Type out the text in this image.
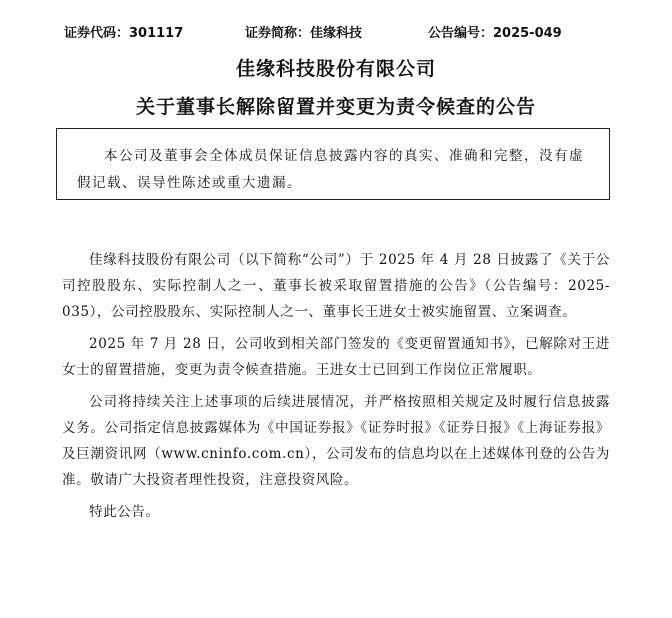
证券代码：301117	证券简称：佳缘科技	公告编号：2025-049
佳缘科技股份有限公司
关于董事长解除留置并变更为责令候查的公告
本公司及董事会全体成员保证信息披露内容的真实、准确和完整，没有虚假记载、误导性陈述或重大遗漏。

佳缘科技股份有限公司（以下简称“公司”）于 2025 年 4 月 28 日披露了《关于公司控股股东、实际控制人之一、董事长被采取留置措施的公告》（公告编号：2025-035），公司控股股东、实际控制人之一、董事长王进女士被实施留置、立案调查。

2025 年 7 月 28 日，公司收到相关部门签发的《变更留置通知书》，已解除对王进女士的留置措施，变更为责令候查措施。王进女士已回到工作岗位正常履职。

公司将持续关注上述事项的后续进展情况，并严格按照相关规定及时履行信息披露义务。公司指定信息披露媒体为《中国证券报》《证券时报》《证券日报》《上海证券报》及巨潮资讯网（www.cninfo.com.cn），公司发布的信息均以在上述媒体刊登的公告为准。敬请广大投资者理性投资，注意投资风险。

特此公告。
